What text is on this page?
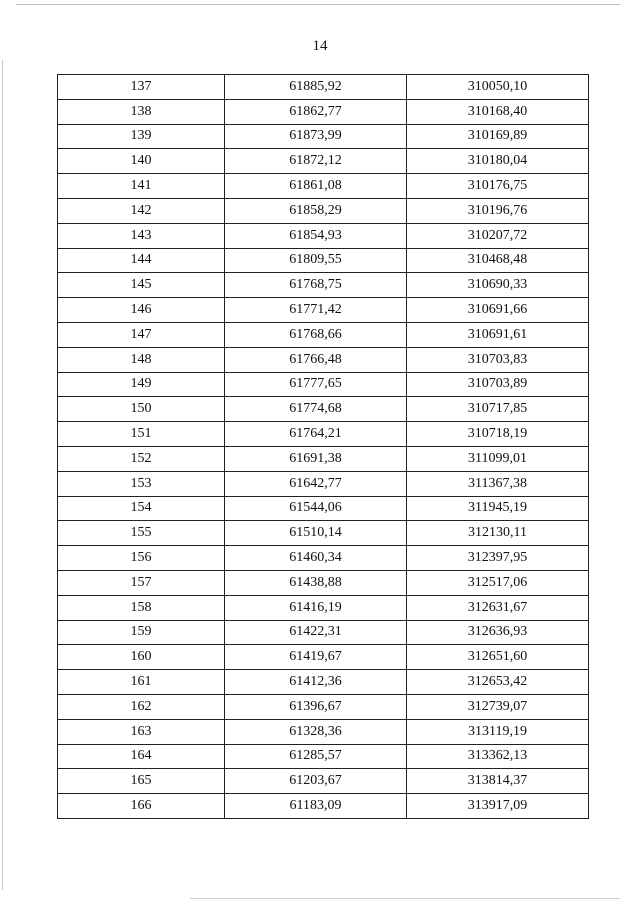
14
137	61885,92	310050,10
138	61862,77	310168,40
139	61873,99	310169,89
140	61872,12	310180,04
141	61861,08	310176,75
142	61858,29	310196,76
143	61854,93	310207,72
144	61809,55	310468,48
145	61768,75	310690,33
146	61771,42	310691,66
147	61768,66	310691,61
148	61766,48	310703,83
149	61777,65	310703,89
150	61774,68	310717,85
151	61764,21	310718,19
152	61691,38	311099,01
153	61642,77	311367,38
154	61544,06	311945,19
155	61510,14	312130,11
156	61460,34	312397,95
157	61438,88	312517,06
158	61416,19	312631,67
159	61422,31	312636,93
160	61419,67	312651,60
161	61412,36	312653,42
162	61396,67	312739,07
163	61328,36	313119,19
164	61285,57	313362,13
165	61203,67	313814,37
166	61183,09	313917,09
